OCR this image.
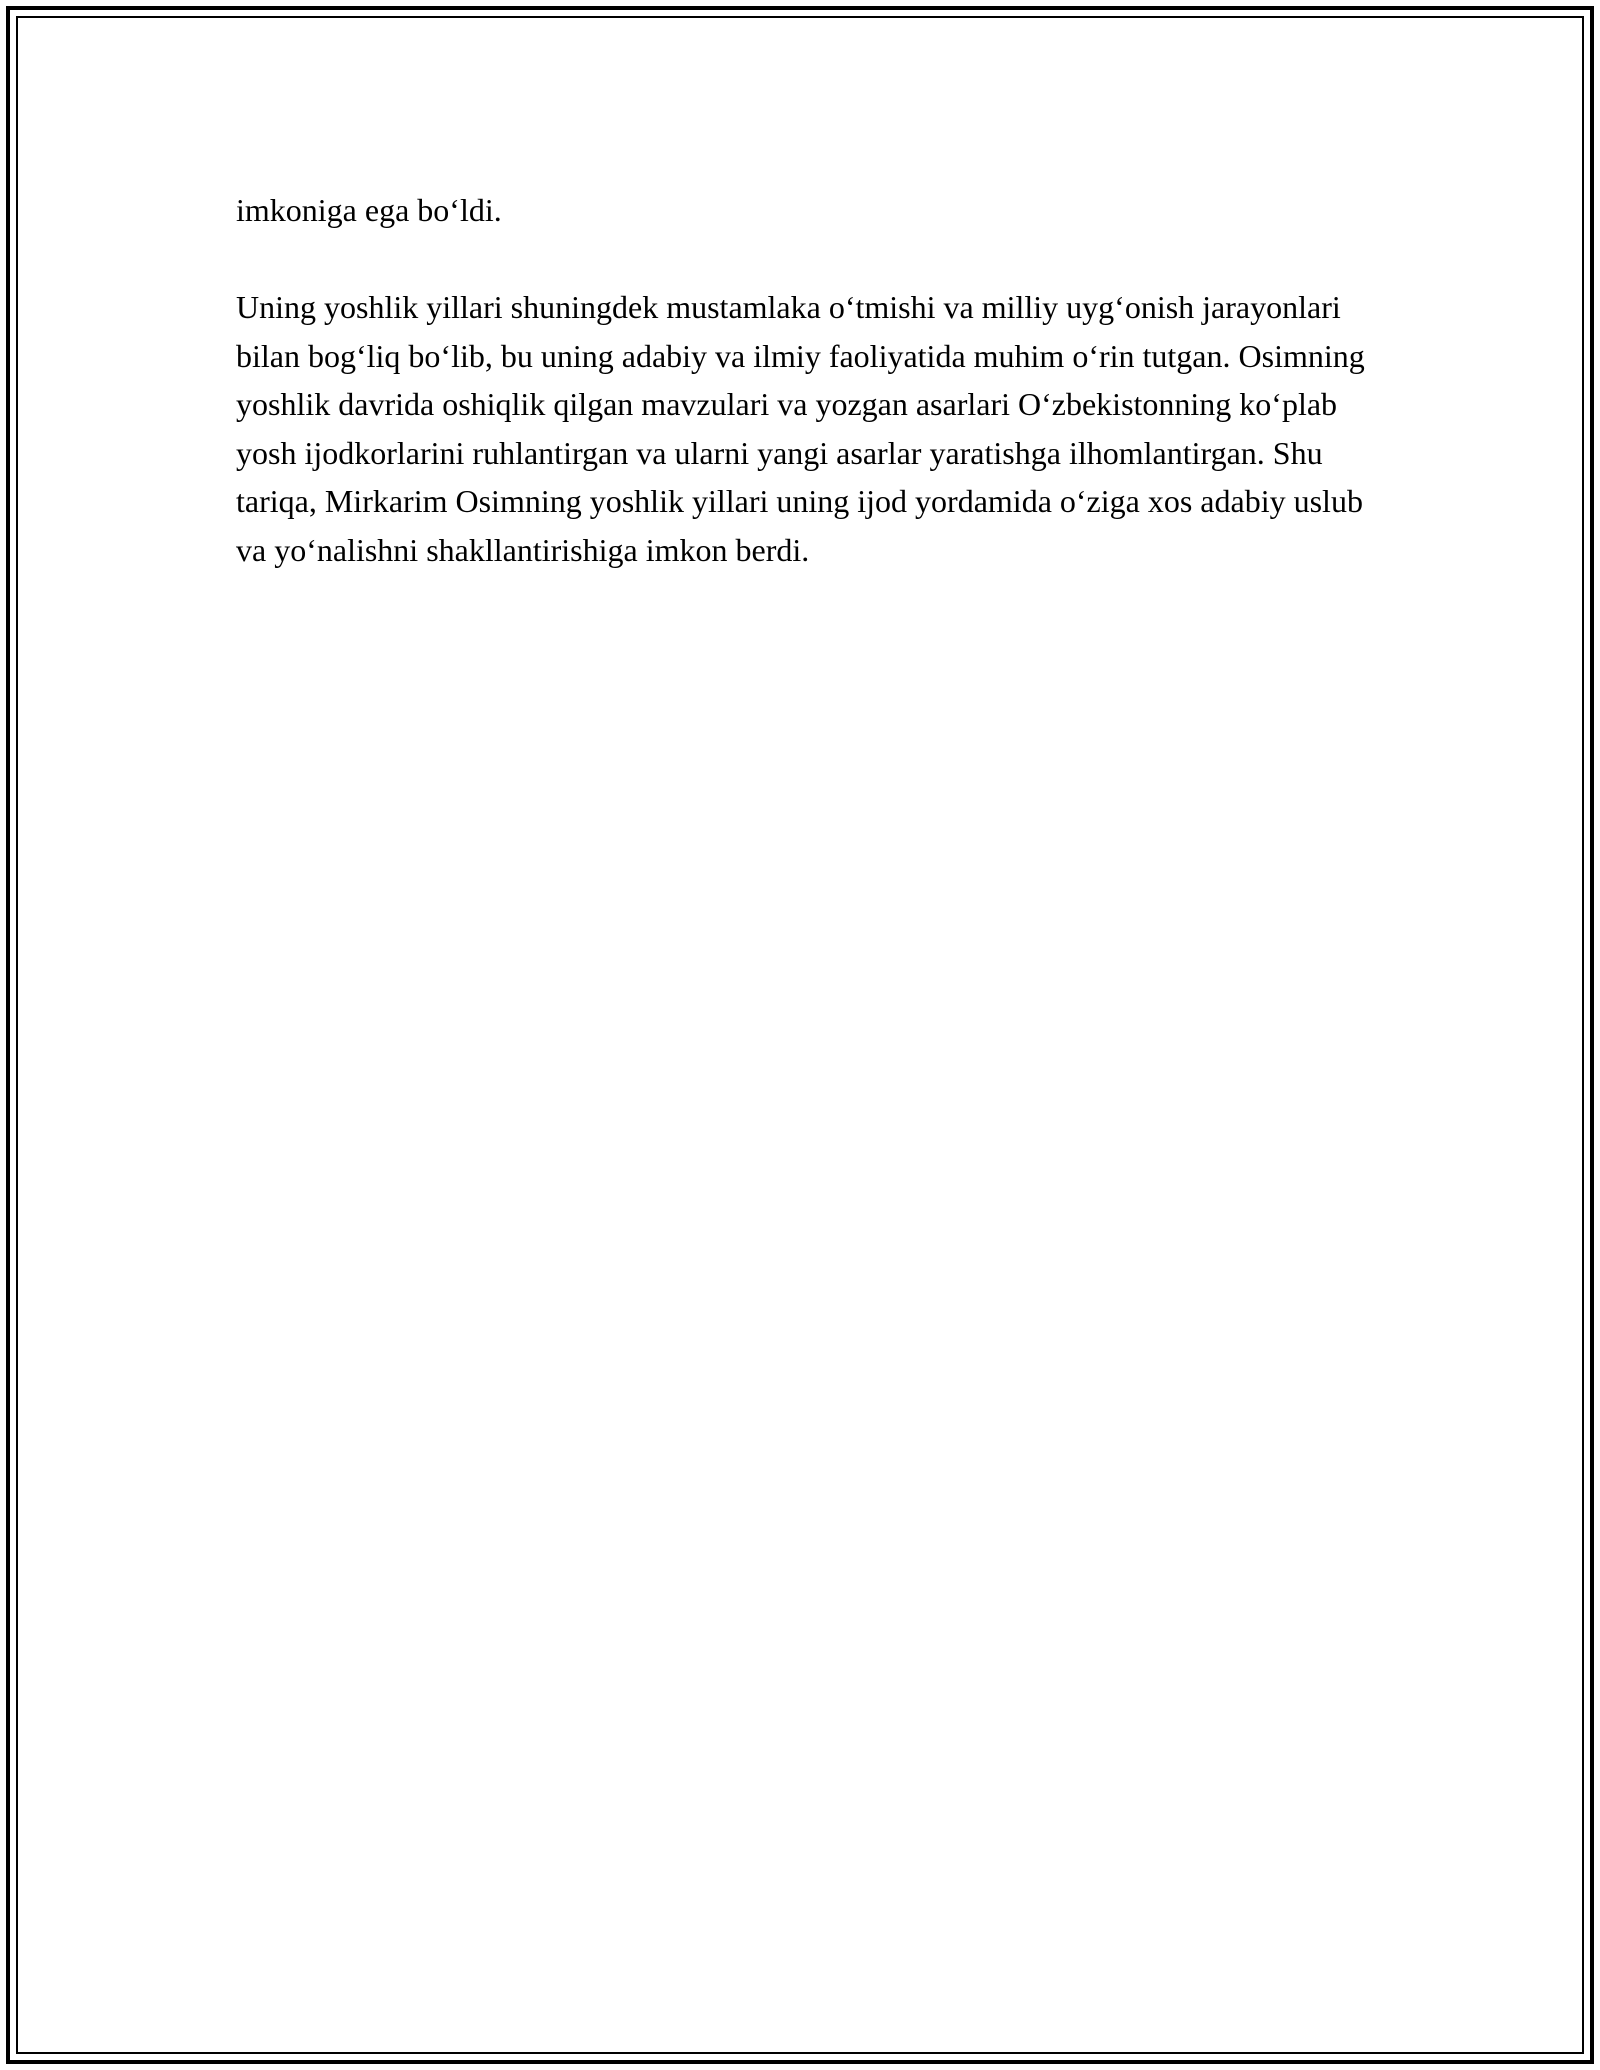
imkoniga ega bo‘ldi.

Uning yoshlik yillari shuningdek mustamlaka o‘tmishi va milliy uyg‘onish jarayonlari bilan bog‘liq bo‘lib, bu uning adabiy va ilmiy faoliyatida muhim o‘rin tutgan. Osimning yoshlik davrida oshiqlik qilgan mavzulari va yozgan asarlari O‘zbekistonning ko‘plab yosh ijodkorlarini ruhlantirgan va ularni yangi asarlar yaratishga ilhomlantirgan. Shu tariqa, Mirkarim Osimning yoshlik yillari uning ijod yordamida o‘ziga xos adabiy uslub va yo‘nalishni shakllantirishiga imkon berdi.
